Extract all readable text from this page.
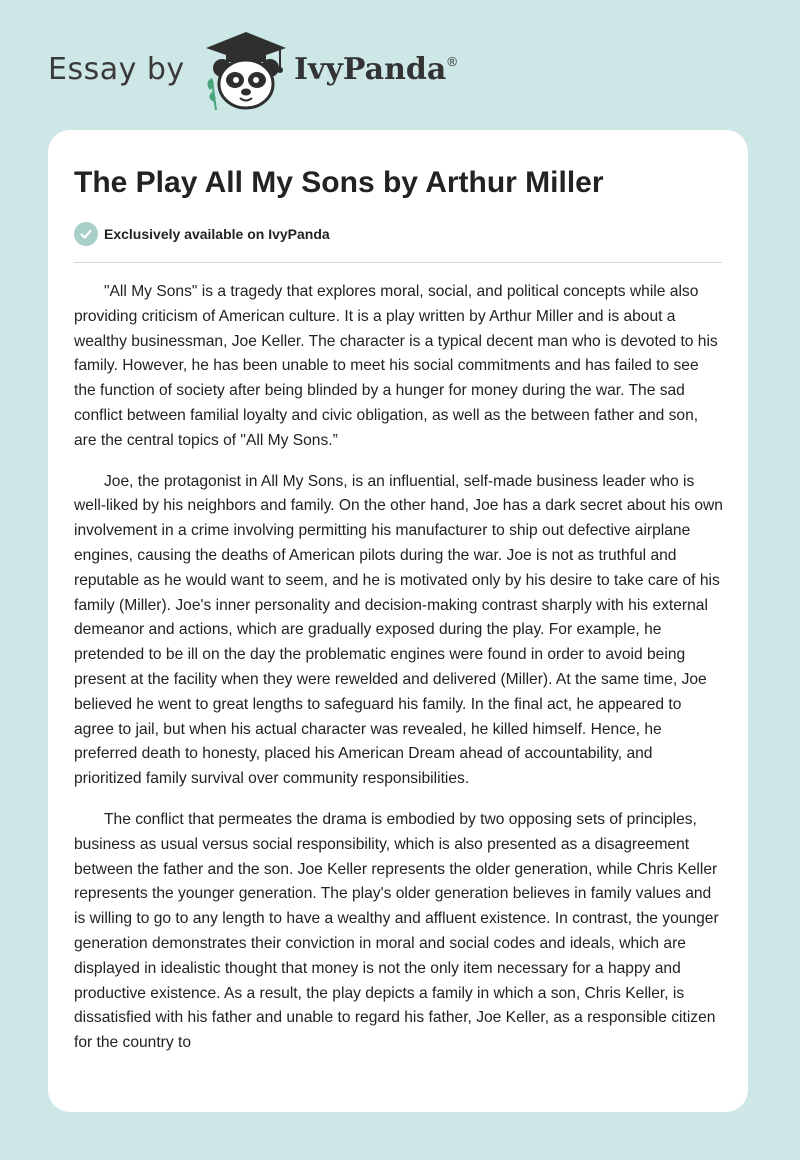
Essay by	IvyPanda®
The Play All My Sons by Arthur Miller
Exclusively available on IvyPanda

"All My Sons" is a tragedy that explores moral, social, and political concepts while also providing criticism of American culture. It is a play written by Arthur Miller and is about a wealthy businessman, Joe Keller. The character is a typical decent man who is devoted to his family. However, he has been unable to meet his social commitments and has failed to see the function of society after being blinded by a hunger for money during the war. The sad conflict between familial loyalty and civic obligation, as well as the between father and son, are the central topics of "All My Sons.”

Joe, the protagonist in All My Sons, is an influential, self-made business leader who is well-liked by his neighbors and family. On the other hand, Joe has a dark secret about his own involvement in a crime involving permitting his manufacturer to ship out defective airplane engines, causing the deaths of American pilots during the war. Joe is not as truthful and reputable as he would want to seem, and he is motivated only by his desire to take care of his family (Miller). Joe's inner personality and decision-making contrast sharply with his external demeanor and actions, which are gradually exposed during the play. For example, he pretended to be ill on the day the problematic engines were found in order to avoid being present at the facility when they were rewelded and delivered (Miller). At the same time, Joe believed he went to great lengths to safeguard his family. In the final act, he appeared to agree to jail, but when his actual character was revealed, he killed himself. Hence, he preferred death to honesty, placed his American Dream ahead of accountability, and prioritized family survival over community responsibilities.

The conflict that permeates the drama is embodied by two opposing sets of principles, business as usual versus social responsibility, which is also presented as a disagreement between the father and the son. Joe Keller represents the older generation, while Chris Keller represents the younger generation. The play's older generation believes in family values and is willing to go to any length to have a wealthy and affluent existence. In contrast, the younger generation demonstrates their conviction in moral and social codes and ideals, which are displayed in idealistic thought that money is not the only item necessary for a happy and productive existence. As a result, the play depicts a family in which a son, Chris Keller, is dissatisfied with his father and unable to regard his father, Joe Keller, as a responsible citizen for the country to
